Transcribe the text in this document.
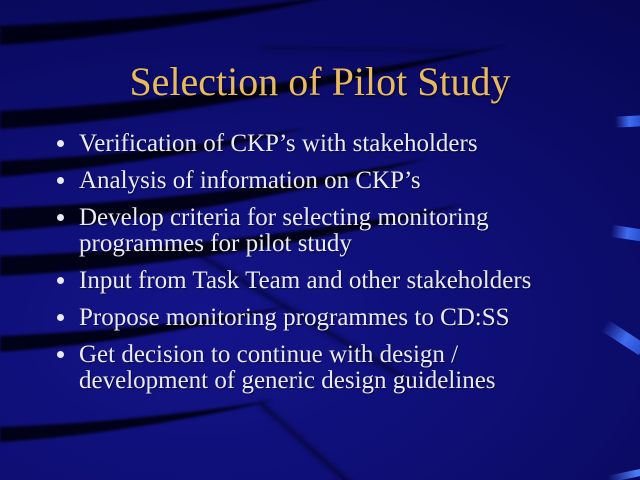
Selection of Pilot Study
Verification of CKP’s with stakeholders
Analysis of information on CKP’s
Develop criteria for selecting monitoring programmes for pilot study
Input from Task Team and other stakeholders
Propose monitoring programmes to CD:SS
Get decision to continue with design / development of generic design guidelines
